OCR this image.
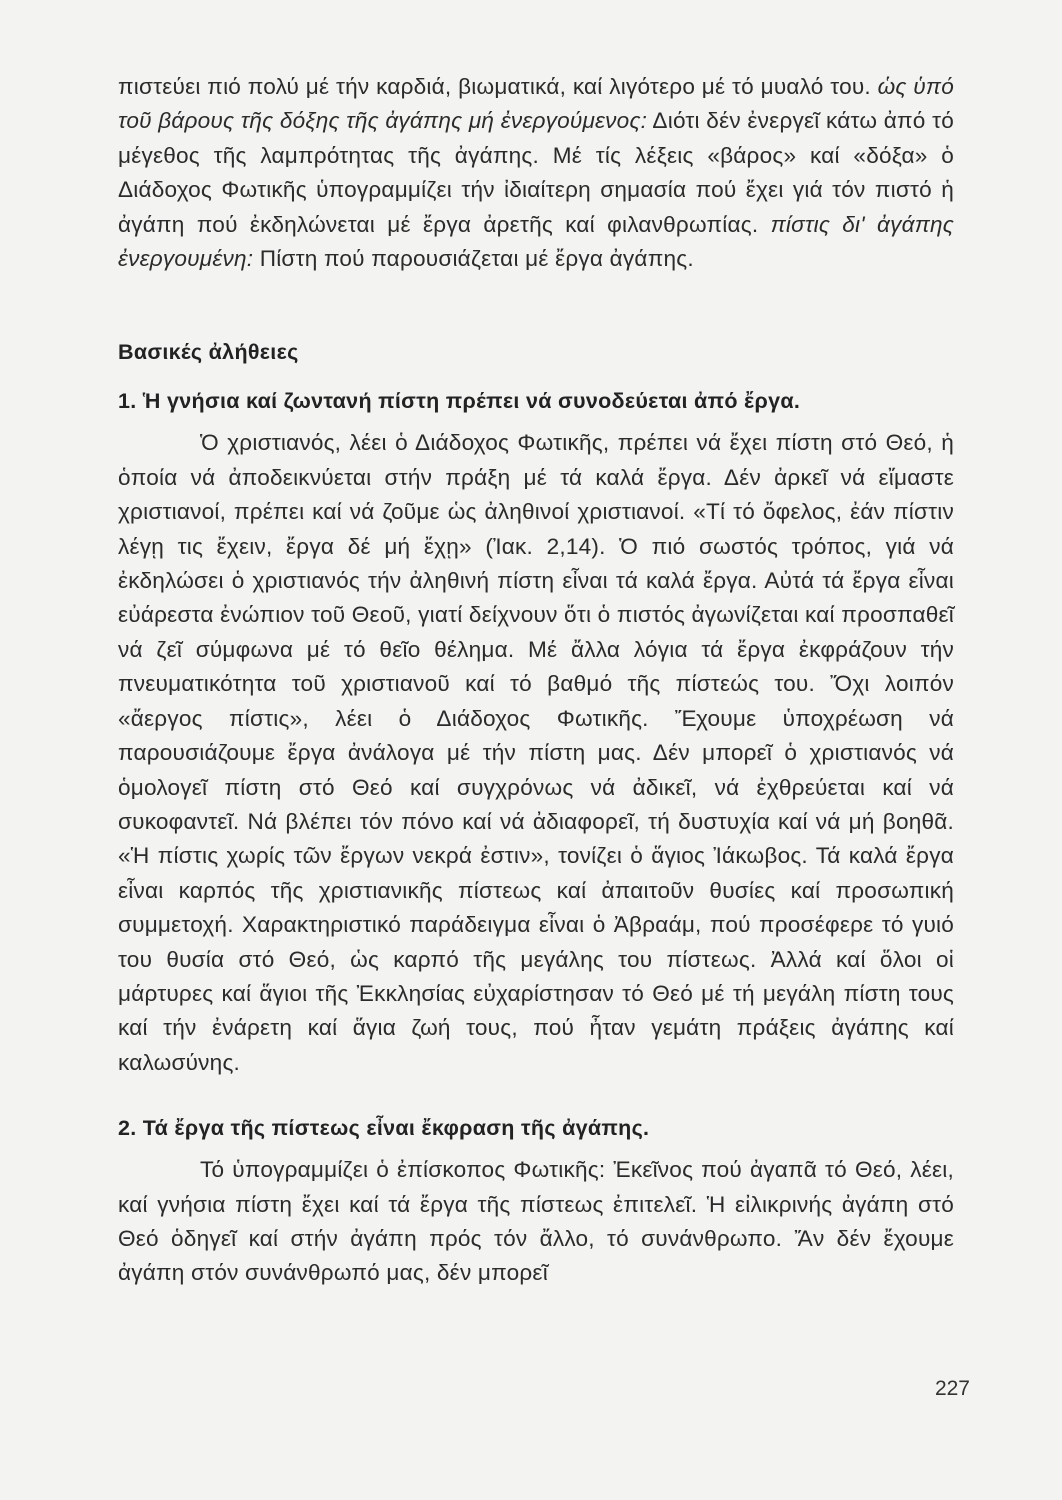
πιστεύει πιό πολύ μέ τήν καρδιά, βιωματικά, καί λιγότερο μέ τό μυαλό του. ὡς ὑπό τοῦ βάρους τῆς δόξης τῆς ἀγάπης μή ἐνεργούμενος: Διότι δέν ἐνεργεῖ κάτω ἀπό τό μέγεθος τῆς λαμπρότητας τῆς ἀγάπης. Μέ τίς λέξεις «βάρος» καί «δόξα» ὁ Διάδοχος Φωτικῆς ὑπογραμμίζει τήν ἰδιαίτερη σημασία πού ἔχει γιά τόν πιστό ἡ ἀγάπη πού ἐκδηλώνεται μέ ἔργα ἀρετῆς καί φιλανθρωπίας. πίστις δι' ἀγάπης ἐνεργουμένη: Πίστη πού παρουσιάζεται μέ ἔργα ἀγάπης.

Βασικές ἀλήθειες
1. Ἡ γνήσια καί ζωντανή πίστη πρέπει νά συνοδεύεται ἀπό ἔργα.

Ὁ χριστιανός, λέει ὁ Διάδοχος Φωτικῆς, πρέπει νά ἔχει πίστη στό Θεό, ἡ ὁποία νά ἀποδεικνύεται στήν πράξη μέ τά καλά ἔργα. Δέν ἀρκεῖ νά εἴμαστε χριστιανοί, πρέπει καί νά ζοῦμε ὡς ἀληθινοί χριστιανοί. «Τί τό ὄφελος, ἐάν πίστιν λέγῃ τις ἔχειν, ἔργα δέ μή ἔχῃ» (Ἰακ. 2,14). Ὁ πιό σωστός τρόπος, γιά νά ἐκδηλώσει ὁ χριστιανός τήν ἀληθινή πίστη εἶναι τά καλά ἔργα. Αὐτά τά ἔργα εἶναι εὐάρεστα ἐνώπιον τοῦ Θεοῦ, γιατί δείχνουν ὅτι ὁ πιστός ἀγωνίζεται καί προσπαθεῖ νά ζεῖ σύμφωνα μέ τό θεῖο θέλημα. Μέ ἄλλα λόγια τά ἔργα ἐκφράζουν τήν πνευματικότητα τοῦ χριστιανοῦ καί τό βαθμό τῆς πίστεώς του. Ὄχι λοιπόν «ἄεργος πίστις», λέει ὁ Διάδοχος Φωτικῆς. Ἔχουμε ὑποχρέωση νά παρουσιάζουμε ἔργα ἀνάλογα μέ τήν πίστη μας. Δέν μπορεῖ ὁ χριστιανός νά ὁμολογεῖ πίστη στό Θεό καί συγχρόνως νά ἀδικεῖ, νά ἐχθρεύεται καί νά συκοφαντεῖ. Νά βλέπει τόν πόνο καί νά ἀδιαφορεῖ, τή δυστυχία καί νά μή βοηθᾶ. «Ἡ πίστις χωρίς τῶν ἔργων νεκρά ἐστιν», τονίζει ὁ ἅγιος Ἰάκωβος. Τά καλά ἔργα εἶναι καρπός τῆς χριστιανικῆς πίστεως καί ἀπαιτοῦν θυσίες καί προσωπική συμμετοχή. Χαρακτηριστικό παράδειγμα εἶναι ὁ Ἀβραάμ, πού προσέφερε τό γυιό του θυσία στό Θεό, ὡς καρπό τῆς μεγάλης του πίστεως. Ἀλλά καί ὅλοι οἱ μάρτυρες καί ἅγιοι τῆς Ἐκκλησίας εὐχαρίστησαν τό Θεό μέ τή μεγάλη πίστη τους καί τήν ἐνάρετη καί ἅγια ζωή τους, πού ἦταν γεμάτη πράξεις ἀγάπης καί καλωσύνης.

2. Τά ἔργα τῆς πίστεως εἶναι ἔκφραση τῆς ἀγάπης.

Τό ὑπογραμμίζει ὁ ἐπίσκοπος Φωτικῆς: Ἐκεῖνος πού ἀγαπᾶ τό Θεό, λέει, καί γνήσια πίστη ἔχει καί τά ἔργα τῆς πίστεως ἐπιτελεῖ. Ἡ εἰλικρινής ἀγάπη στό Θεό ὁδηγεῖ καί στήν ἀγάπη πρός τόν ἄλλο, τό συνάνθρωπο. Ἄν δέν ἔχουμε ἀγάπη στόν συνάνθρωπό μας, δέν μπορεῖ

227
